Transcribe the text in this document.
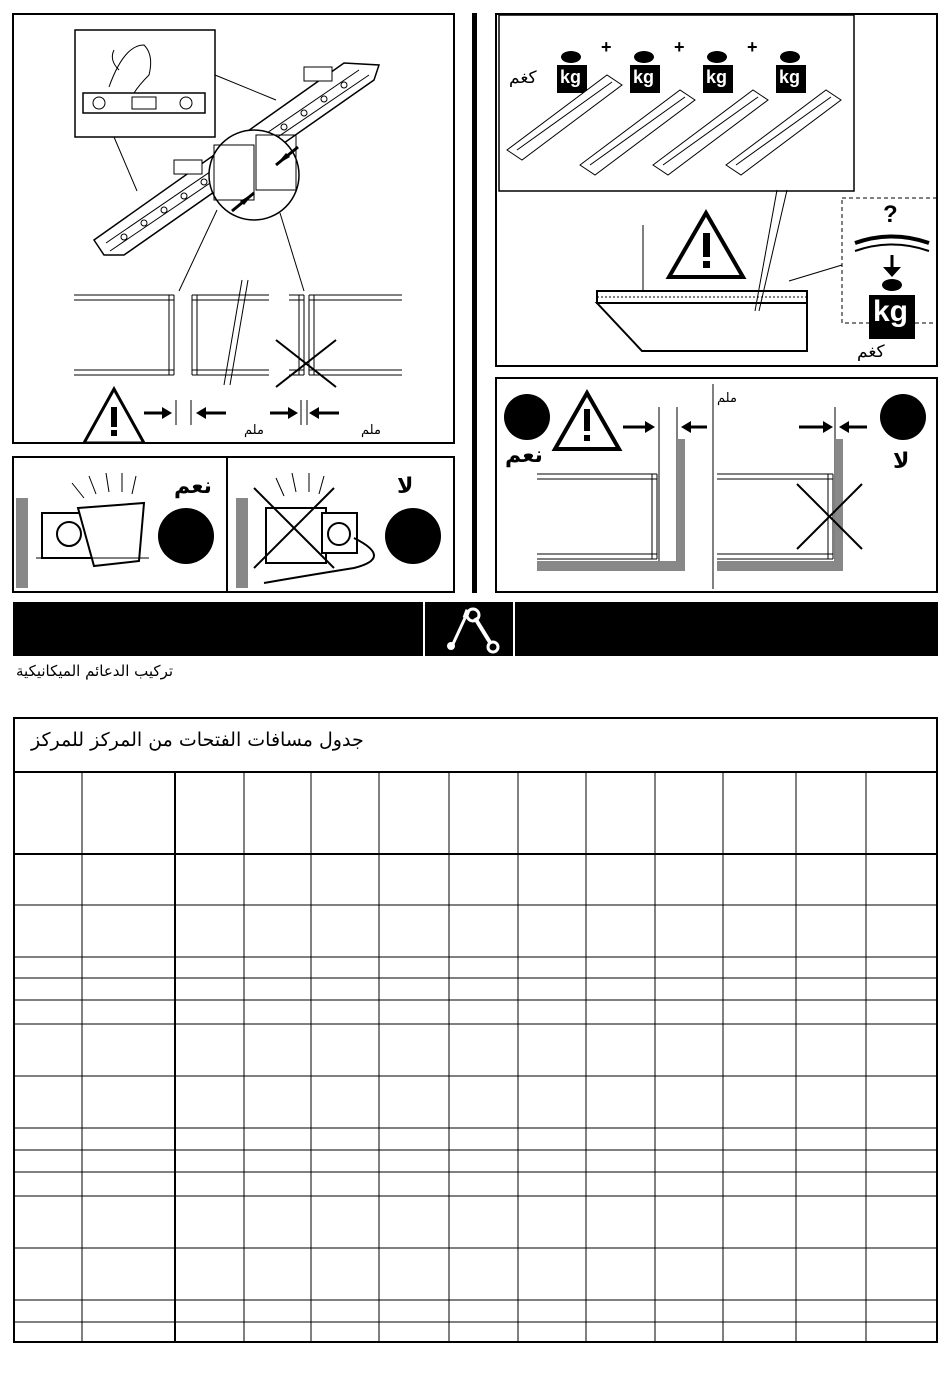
ملم	ملم
kg	kg	kg	kg
+	+	+
كغم
?
kg
كغم
ملم
نعم	لا
نعم	لا
تركيب الدعائم الميكانيكية
جدول مسافات الفتحات من المركز للمركز
